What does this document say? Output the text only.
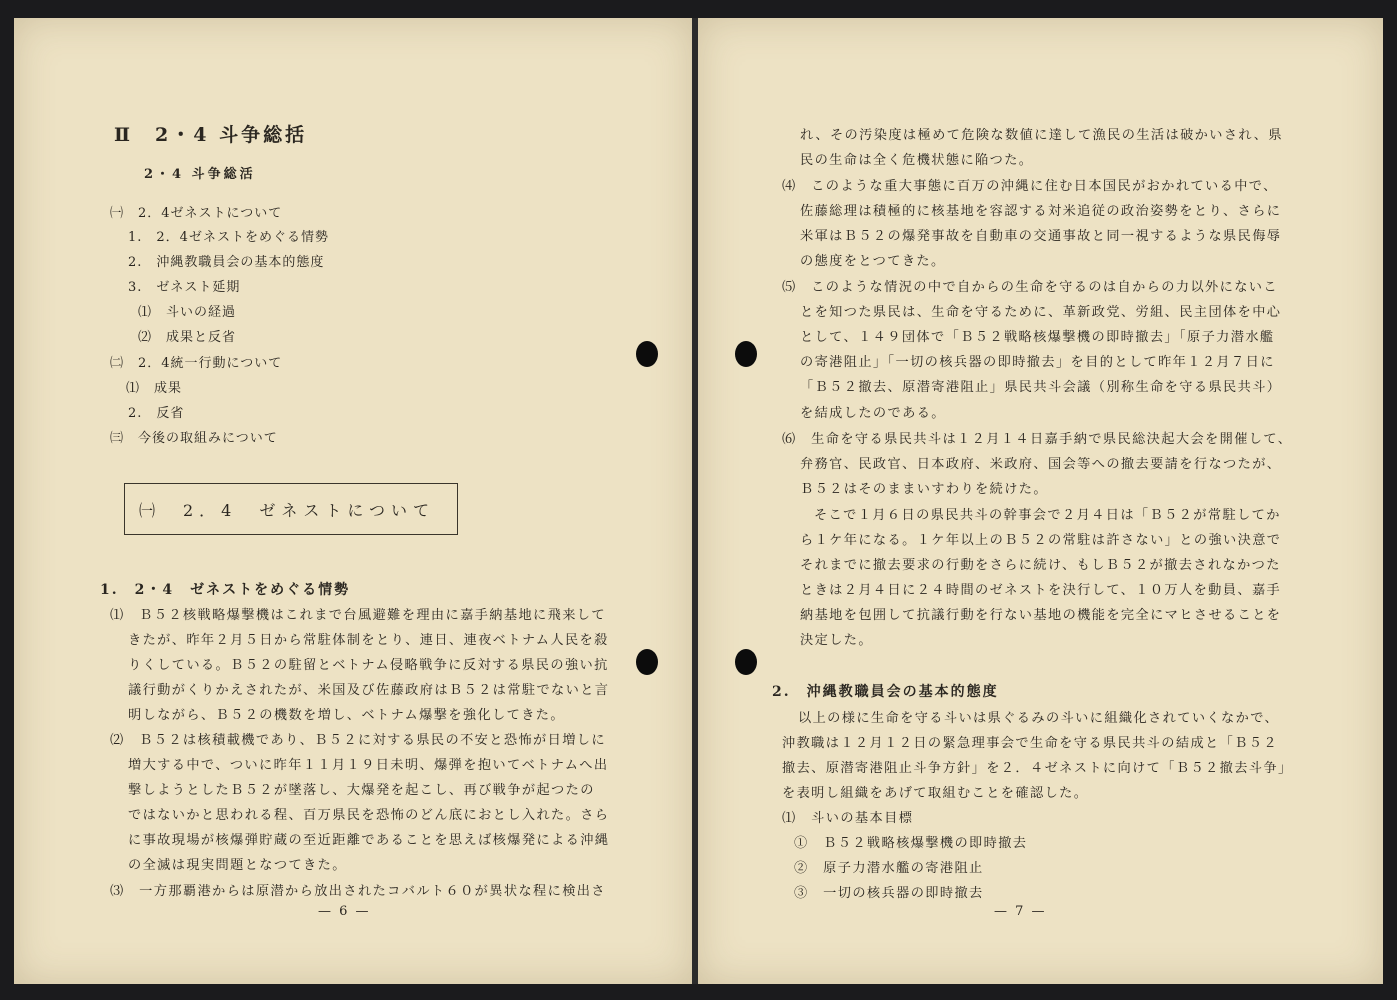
Ⅱ　2・4 斗争総括
2・4 斗争総活
㈠　2．4ゼネストについて
1.　2．4ゼネストをめぐる情勢
2.　沖縄教職員会の基本的態度
3.　ゼネスト延期
⑴　斗いの経過
⑵　成果と反省
㈡　2．4統一行動について
⑴　成果
2.　反省
㈢　今後の取組みについて
㈠　2．4　ゼネストについて
1.　2・4　ゼネストをめぐる情勢
⑴　Ｂ５２核戦略爆撃機はこれまで台風避難を理由に嘉手納基地に飛来して
きたが、昨年２月５日から常駐体制をとり、連日、連夜ベトナム人民を殺
りくしている。Ｂ５２の駐留とベトナム侵略戦争に反対する県民の強い抗
議行動がくりかえされたが、米国及び佐藤政府はＢ５２は常駐でないと言
明しながら、Ｂ５２の機数を増し、ベトナム爆撃を強化してきた。
⑵　Ｂ５２は核積載機であり、Ｂ５２に対する県民の不安と恐怖が日増しに
増大する中で、ついに昨年１１月１９日未明、爆弾を抱いてベトナムへ出
撃しようとしたＢ５２が墜落し、大爆発を起こし、再び戦争が起つたの
ではないかと思われる程、百万県民を恐怖のどん底におとし入れた。さら
に事故現場が核爆弾貯蔵の至近距離であることを思えば核爆発による沖縄
の全滅は現実問題となつてきた。
⑶　一方那覇港からは原潜から放出されたコバルト６０が異状な程に検出さ
— 6 —
れ、その汚染度は極めて危険な数値に達して漁民の生活は破かいされ、県
民の生命は全く危機状態に陥つた。
⑷　このような重大事態に百万の沖縄に住む日本国民がおかれている中で、
佐藤総理は積極的に核基地を容認する対米追従の政治姿勢をとり、さらに
米軍はＢ５２の爆発事故を自動車の交通事故と同一視するような県民侮辱
の態度をとつてきた。
⑸　このような情況の中で自からの生命を守るのは自からの力以外にないこ
とを知つた県民は、生命を守るために、革新政党、労組、民主団体を中心
として、１４９団体で「Ｂ５２戦略核爆撃機の即時撤去」「原子力潜水艦
の寄港阻止」「一切の核兵器の即時撤去」を目的として昨年１２月７日に
「Ｂ５２撤去、原潜寄港阻止」県民共斗会議（別称生命を守る県民共斗）
を結成したのである。
⑹　生命を守る県民共斗は１２月１４日嘉手納で県民総決起大会を開催して、
弁務官、民政官、日本政府、米政府、国会等への撤去要請を行なつたが、
Ｂ５２はそのままいすわりを続けた。
そこで１月６日の県民共斗の幹事会で２月４日は「Ｂ５２が常駐してか
ら１ケ年になる。１ケ年以上のＢ５２の常駐は許さない」との強い決意で
それまでに撤去要求の行動をさらに続け、もしＢ５２が撤去されなかつた
ときは２月４日に２４時間のゼネストを決行して、１０万人を動員、嘉手
納基地を包囲して抗議行動を行ない基地の機能を完全にマヒさせることを
決定した。
2.　沖縄教職員会の基本的態度
以上の様に生命を守る斗いは県ぐるみの斗いに組織化されていくなかで、
沖教職は１２月１２日の緊急理事会で生命を守る県民共斗の結成と「Ｂ５２
撤去、原潜寄港阻止斗争方針」を２．４ゼネストに向けて「Ｂ５２撤去斗争」
を表明し組織をあげて取組むことを確認した。
⑴　斗いの基本目標
①　Ｂ５２戦略核爆撃機の即時撤去
②　原子力潜水艦の寄港阻止
③　一切の核兵器の即時撤去
— 7 —
